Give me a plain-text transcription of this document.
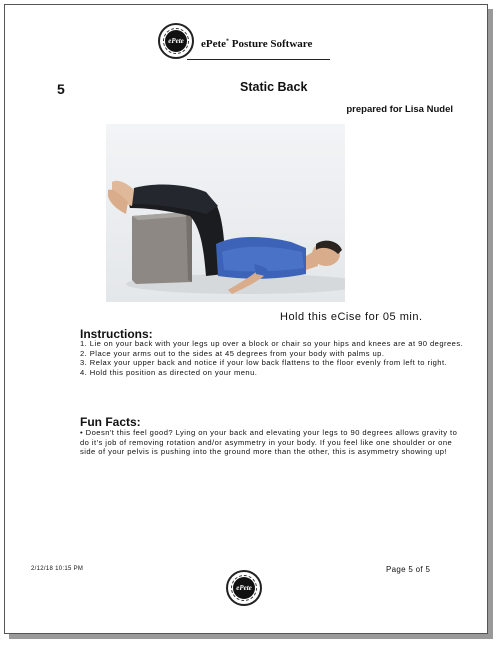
ePete ePete* Posture Software
5	Static Back
prepared for Lisa Nudel
Hold this eCise for 05 min.
Instructions:
1. Lie on your back with your legs up over a block or chair so your hips and knees are at 90 degrees.
2. Place your arms out to the sides at 45 degrees from your body with palms up.
3. Relax your upper back and notice if your low back flattens to the floor evenly from left to right.
4. Hold this position as directed on your menu.
Fun Facts:
• Doesn't this feel good? Lying on your back and elevating your legs to 90 degrees allows gravity to do it's job of removing rotation and/or asymmetry in your body. If you feel like one shoulder or one side of your pelvis is pushing into the ground more than the other, this is asymmetry showing up!
2/12/18 10:15 PM	Page 5 of 5
ePete
